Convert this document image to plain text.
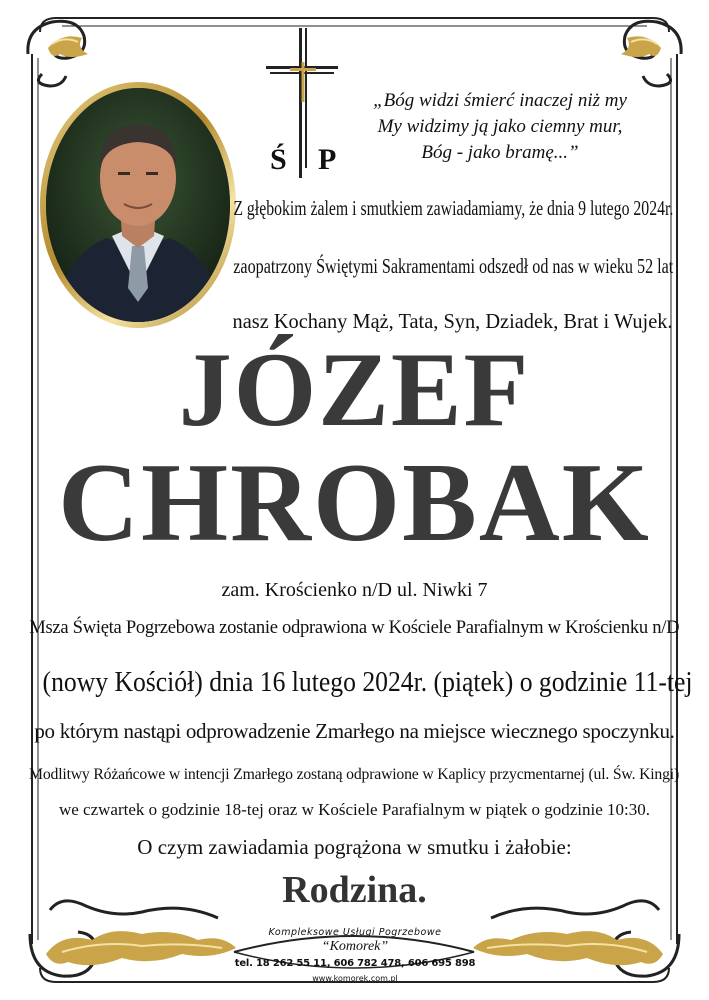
Ś P
„Bóg widzi śmierć inaczej niż my
My widzimy ją jako ciemny mur,
Bóg - jako bramę...”
Z głębokim żalem i smutkiem zawiadamiamy, że dnia 9 lutego 2024r.
zaopatrzony Świętymi Sakramentami odszedł od nas w wieku 52 lat
nasz Kochany Mąż, Tata, Syn, Dziadek, Brat i Wujek.
JÓZEF
CHROBAK
zam. Krościenko n/D ul. Niwki 7
Msza Święta Pogrzebowa zostanie odprawiona w Kościele Parafialnym w Krościenku n/D
(nowy Kościół) dnia 16 lutego 2024r. (piątek) o godzinie 11-tej
po którym nastąpi odprowadzenie Zmarłego na miejsce wiecznego spoczynku.
Modlitwy Różańcowe w intencji Zmarłego zostaną odprawione w Kaplicy przycmentarnej (ul. Św. Kingi)
we czwartek o godzinie 18-tej oraz w Kościele Parafialnym w piątek o godzinie 10:30.
O czym zawiadamia pogrążona w smutku i żałobie:
Rodzina.
Kompleksowe Usługi Pogrzebowe
“Komorek”
tel. 18 262 55 11, 606 782 478, 606 695 898
www.komorek.com.pl
